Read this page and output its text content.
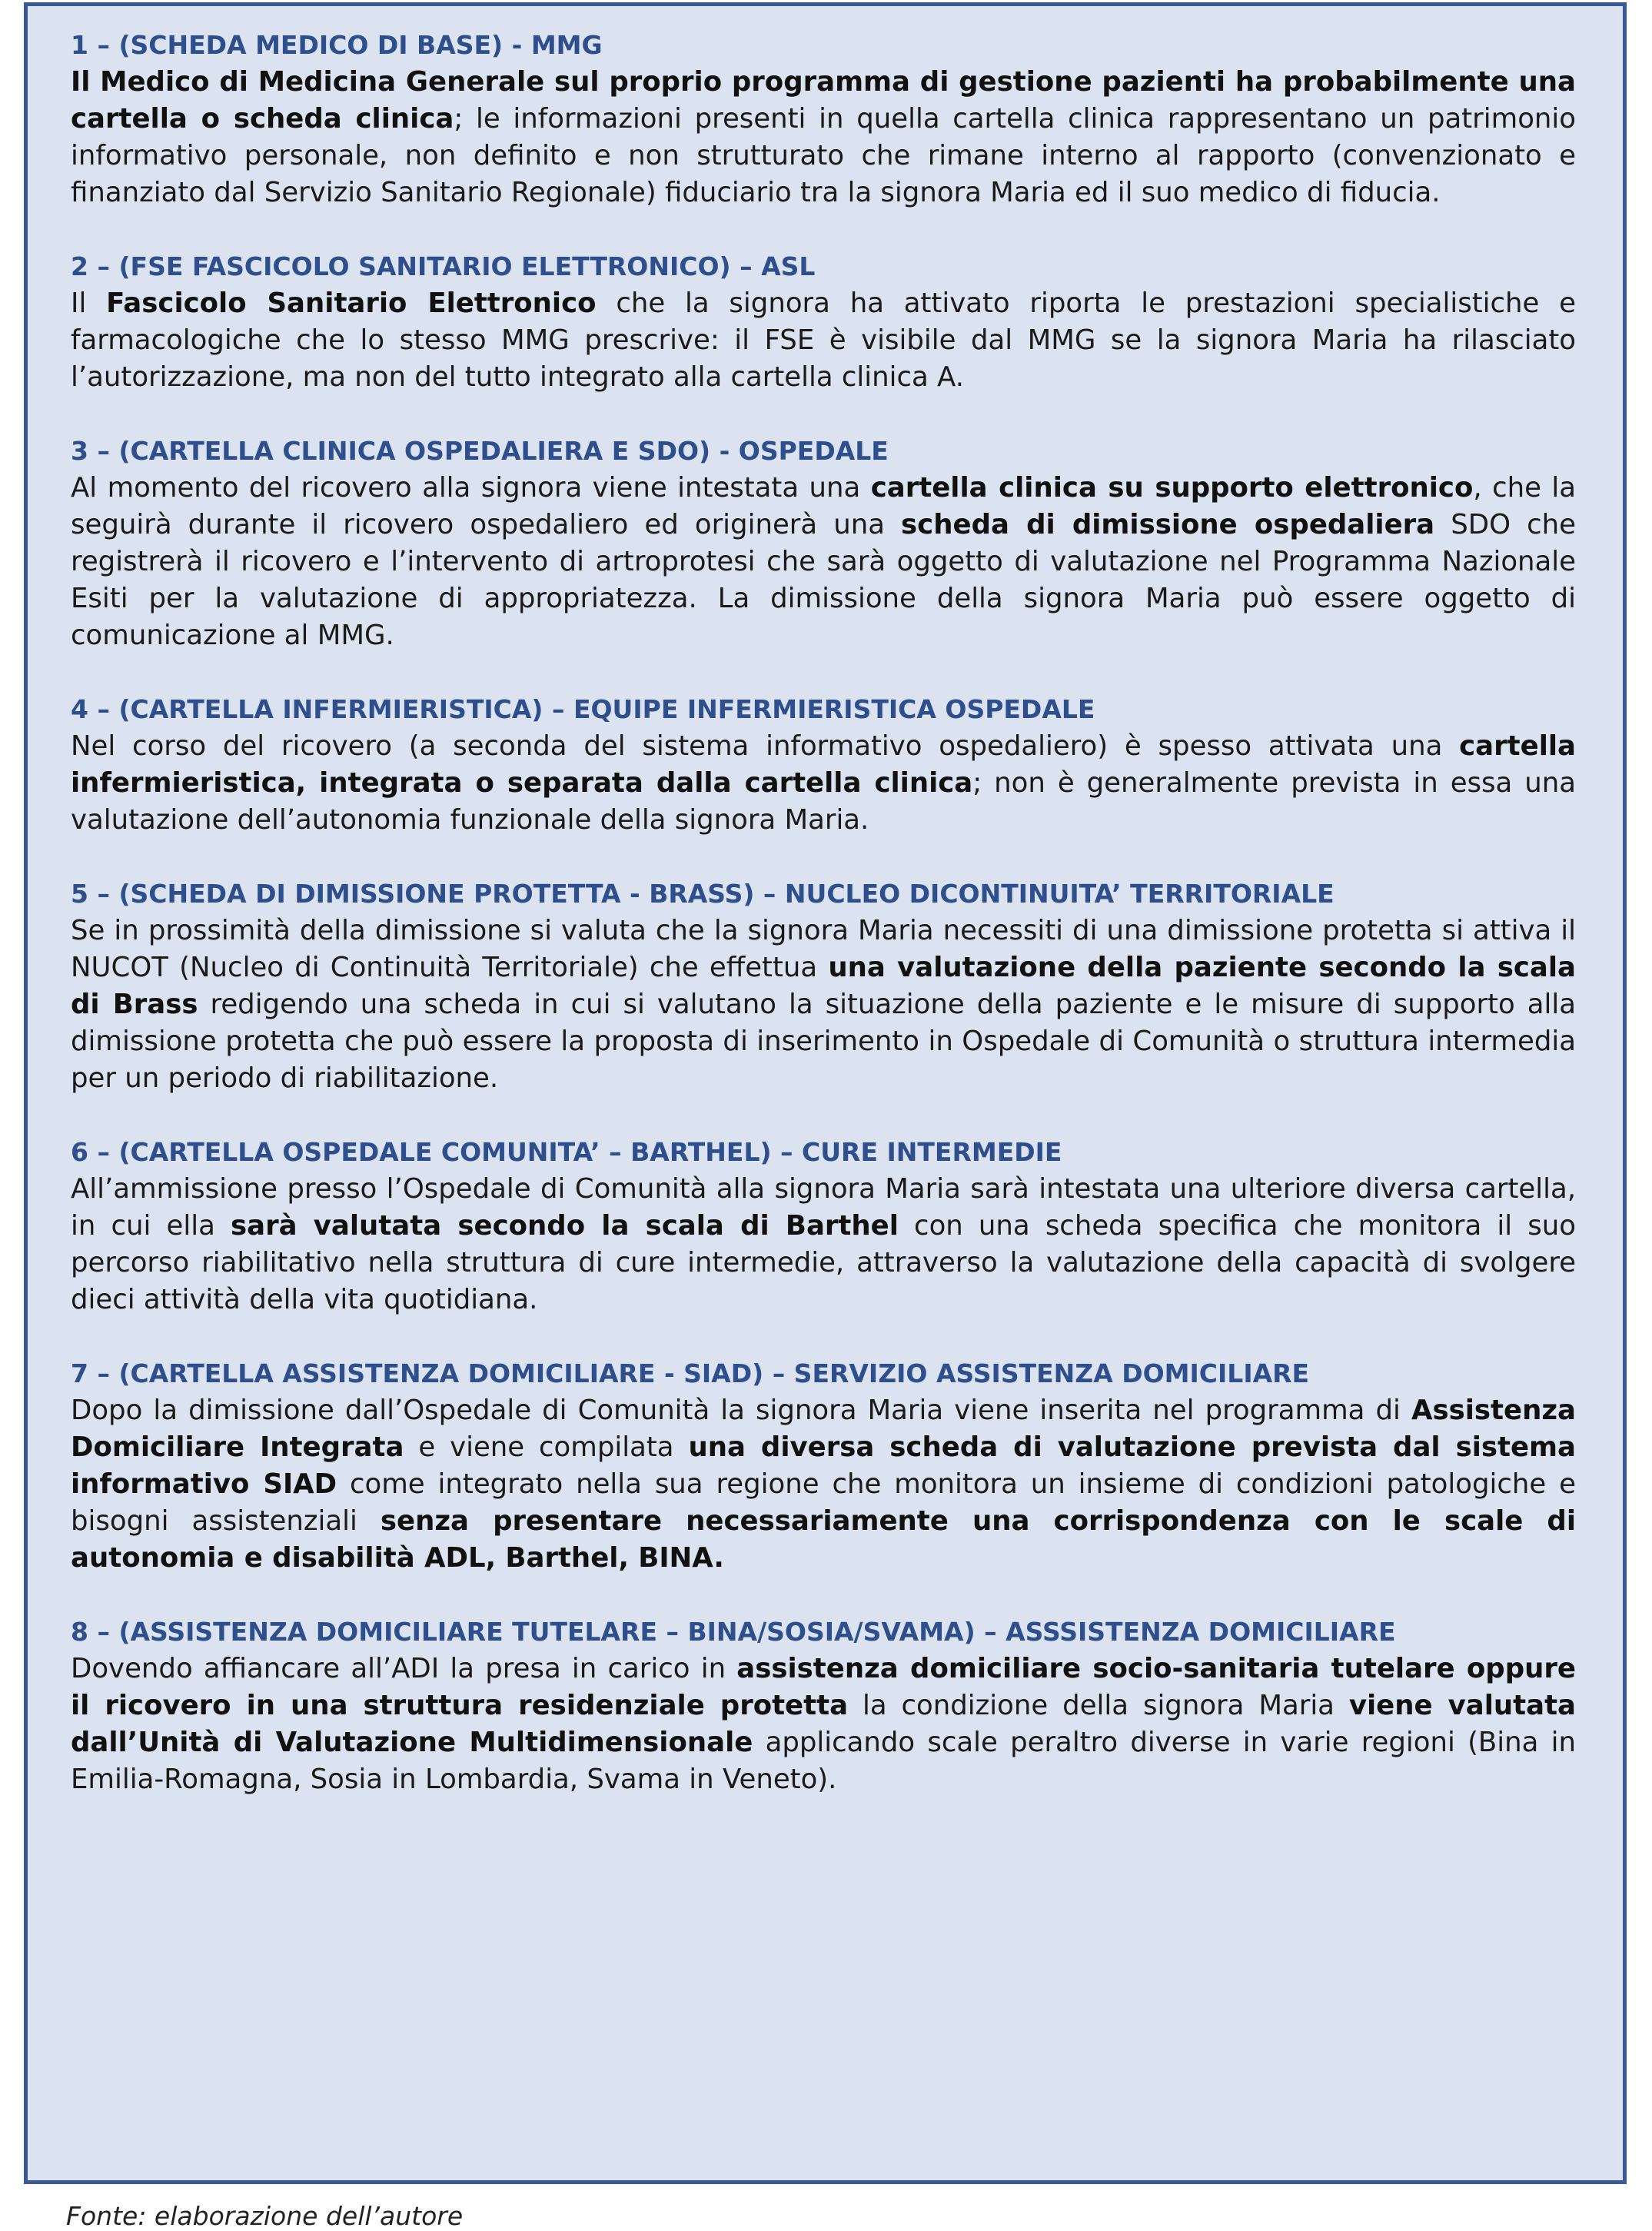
1 – (SCHEDA MEDICO DI BASE) - MMG

Il Medico di Medicina Generale sul proprio programma di gestione pazienti ha probabilmente una cartella o scheda clinica; le informazioni presenti in quella cartella clinica rappresentano un patrimonio informativo personale, non definito e non strutturato che rimane interno al rapporto (convenzionato e finanziato dal Servizio Sanitario Regionale) fiduciario tra la signora Maria ed il suo medico di fiducia.

2 – (FSE FASCICOLO SANITARIO ELETTRONICO) – ASL

Il Fascicolo Sanitario Elettronico che la signora ha attivato riporta le prestazioni specialistiche e farmacologiche che lo stesso MMG prescrive: il FSE è visibile dal MMG se la signora Maria ha rilasciato l’autorizzazione, ma non del tutto integrato alla cartella clinica A.

3 – (CARTELLA CLINICA OSPEDALIERA E SDO) - OSPEDALE

Al momento del ricovero alla signora viene intestata una cartella clinica su supporto elettronico, che la seguirà durante il ricovero ospedaliero ed originerà una scheda di dimissione ospedaliera SDO che registrerà il ricovero e l’intervento di artroprotesi che sarà oggetto di valutazione nel Programma Nazionale Esiti per la valutazione di appropriatezza. La dimissione della signora Maria può essere oggetto di comunicazione al MMG.

4 – (CARTELLA INFERMIERISTICA) – EQUIPE INFERMIERISTICA OSPEDALE

Nel corso del ricovero (a seconda del sistema informativo ospedaliero) è spesso attivata una cartella infermieristica, integrata o separata dalla cartella clinica; non è generalmente prevista in essa una valutazione dell’autonomia funzionale della signora Maria.

5 – (SCHEDA DI DIMISSIONE PROTETTA - BRASS) – NUCLEO DICONTINUITA’ TERRITORIALE

Se in prossimità della dimissione si valuta che la signora Maria necessiti di una dimissione protetta si attiva il NUCOT (Nucleo di Continuità Territoriale) che effettua una valutazione della paziente secondo la scala di Brass redigendo una scheda in cui si valutano la situazione della paziente e le misure di supporto alla dimissione protetta che può essere la proposta di inserimento in Ospedale di Comunità o struttura intermedia per un periodo di riabilitazione.

6 – (CARTELLA OSPEDALE COMUNITA’ – BARTHEL) – CURE INTERMEDIE

All’ammissione presso l’Ospedale di Comunità alla signora Maria sarà intestata una ulteriore diversa cartella, in cui ella sarà valutata secondo la scala di Barthel con una scheda specifica che monitora il suo percorso riabilitativo nella struttura di cure intermedie, attraverso la valutazione della capacità di svolgere dieci attività della vita quotidiana.

7 – (CARTELLA ASSISTENZA DOMICILIARE - SIAD) – SERVIZIO ASSISTENZA DOMICILIARE

Dopo la dimissione dall’Ospedale di Comunità la signora Maria viene inserita nel programma di Assistenza Domiciliare Integrata e viene compilata una diversa scheda di valutazione prevista dal sistema informativo SIAD come integrato nella sua regione che monitora un insieme di condizioni patologiche e bisogni assistenziali senza presentare necessariamente una corrispondenza con le scale di autonomia e disabilità ADL, Barthel, BINA.

8 – (ASSISTENZA DOMICILIARE TUTELARE – BINA/SOSIA/SVAMA) – ASSSISTENZA DOMICILIARE

Dovendo affiancare all’ADI la presa in carico in assistenza domiciliare socio-sanitaria tutelare oppure il ricovero in una struttura residenziale protetta la condizione della signora Maria viene valutata dall’Unità di Valutazione Multidimensionale applicando scale peraltro diverse in varie regioni (Bina in Emilia-Romagna, Sosia in Lombardia, Svama in Veneto).

Fonte: elaborazione dell’autore
